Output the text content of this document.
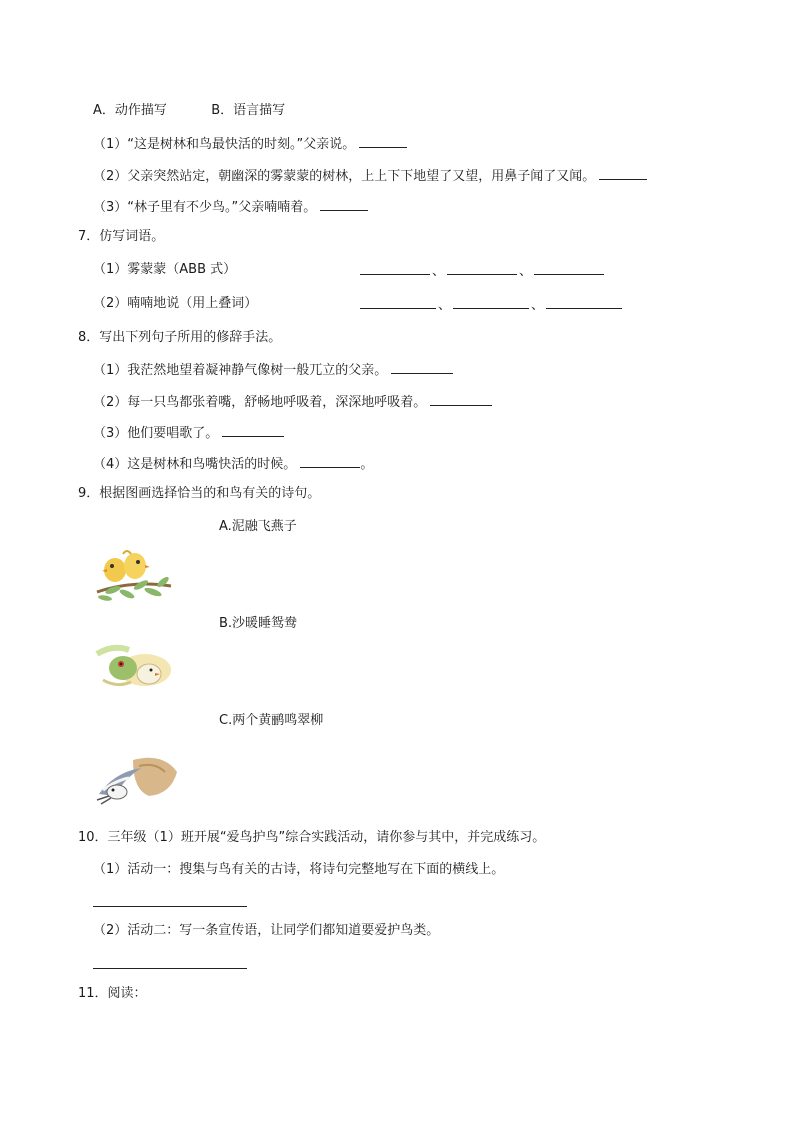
A．动作描写	B．语言描写
（1）“这是树林和鸟最快活的时刻。”父亲说。
（2）父亲突然站定，朝幽深的雾蒙蒙的树林，上上下下地望了又望，用鼻子闻了又闻。
（3）“林子里有不少鸟。”父亲喃喃着。
7．仿写词语。
（1）雾蒙蒙（ABB 式）	、	、
（2）喃喃地说（用上叠词）	、	、
8．写出下列句子所用的修辞手法。
（1）我茫然地望着凝神静气像树一般兀立的父亲。
（2）每一只鸟都张着嘴，舒畅地呼吸着，深深地呼吸着。
（3）他们要唱歌了。
（4）这是树林和鸟嘴快活的时候。	。
9．根据图画选择恰当的和鸟有关的诗句。
A.泥融飞燕子
B.沙暖睡鸳鸯
C.两个黄鹂鸣翠柳
10．三年级（1）班开展“爱鸟护鸟”综合实践活动，请你参与其中，并完成练习。
（1）活动一：搜集与鸟有关的古诗，将诗句完整地写在下面的横线上。
（2）活动二：写一条宣传语，让同学们都知道要爱护鸟类。
11．阅读：
